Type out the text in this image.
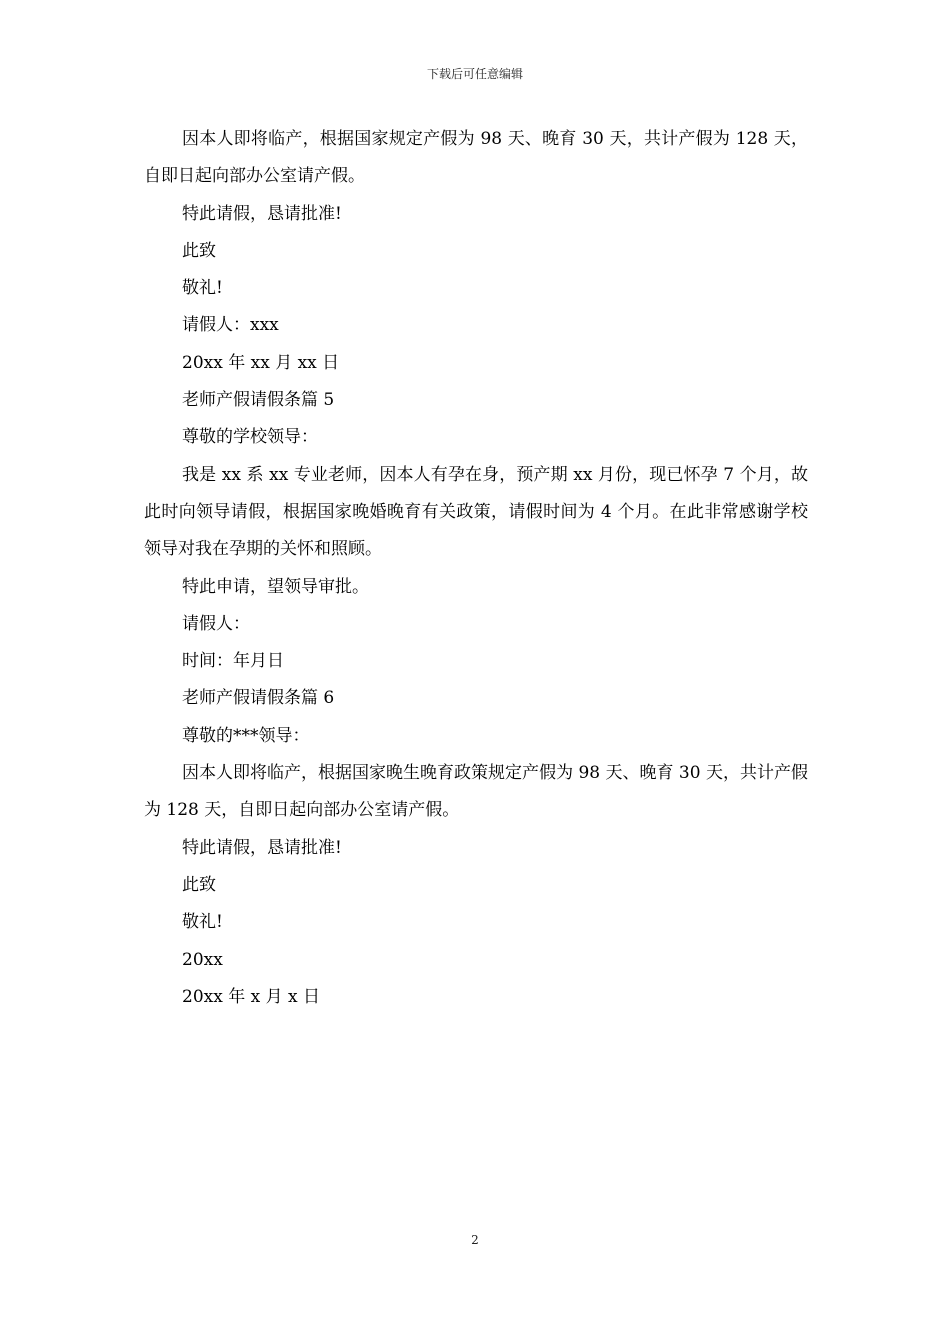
下载后可任意编辑

因本人即将临产，根据国家规定产假为 98 天、晚育 30 天，共计产假为 128 天，自即日起向部办公室请产假。

特此请假，恳请批准!

此致

敬礼!

请假人：xxx

20xx 年 xx 月 xx 日

老师产假请假条篇 5

尊敬的学校领导：

我是 xx 系 xx 专业老师，因本人有孕在身，预产期 xx 月份，现已怀孕 7 个月，故此时向领导请假，根据国家晚婚晚育有关政策，请假时间为 4 个月。在此非常感谢学校领导对我在孕期的关怀和照顾。

特此申请，望领导审批。

请假人：

时间：年月日

老师产假请假条篇 6

尊敬的***领导：

因本人即将临产，根据国家晚生晚育政策规定产假为 98 天、晚育 30 天，共计产假为 128 天，自即日起向部办公室请产假。

特此请假，恳请批准!

此致

敬礼!

20xx

20xx 年 x 月 x 日

2
